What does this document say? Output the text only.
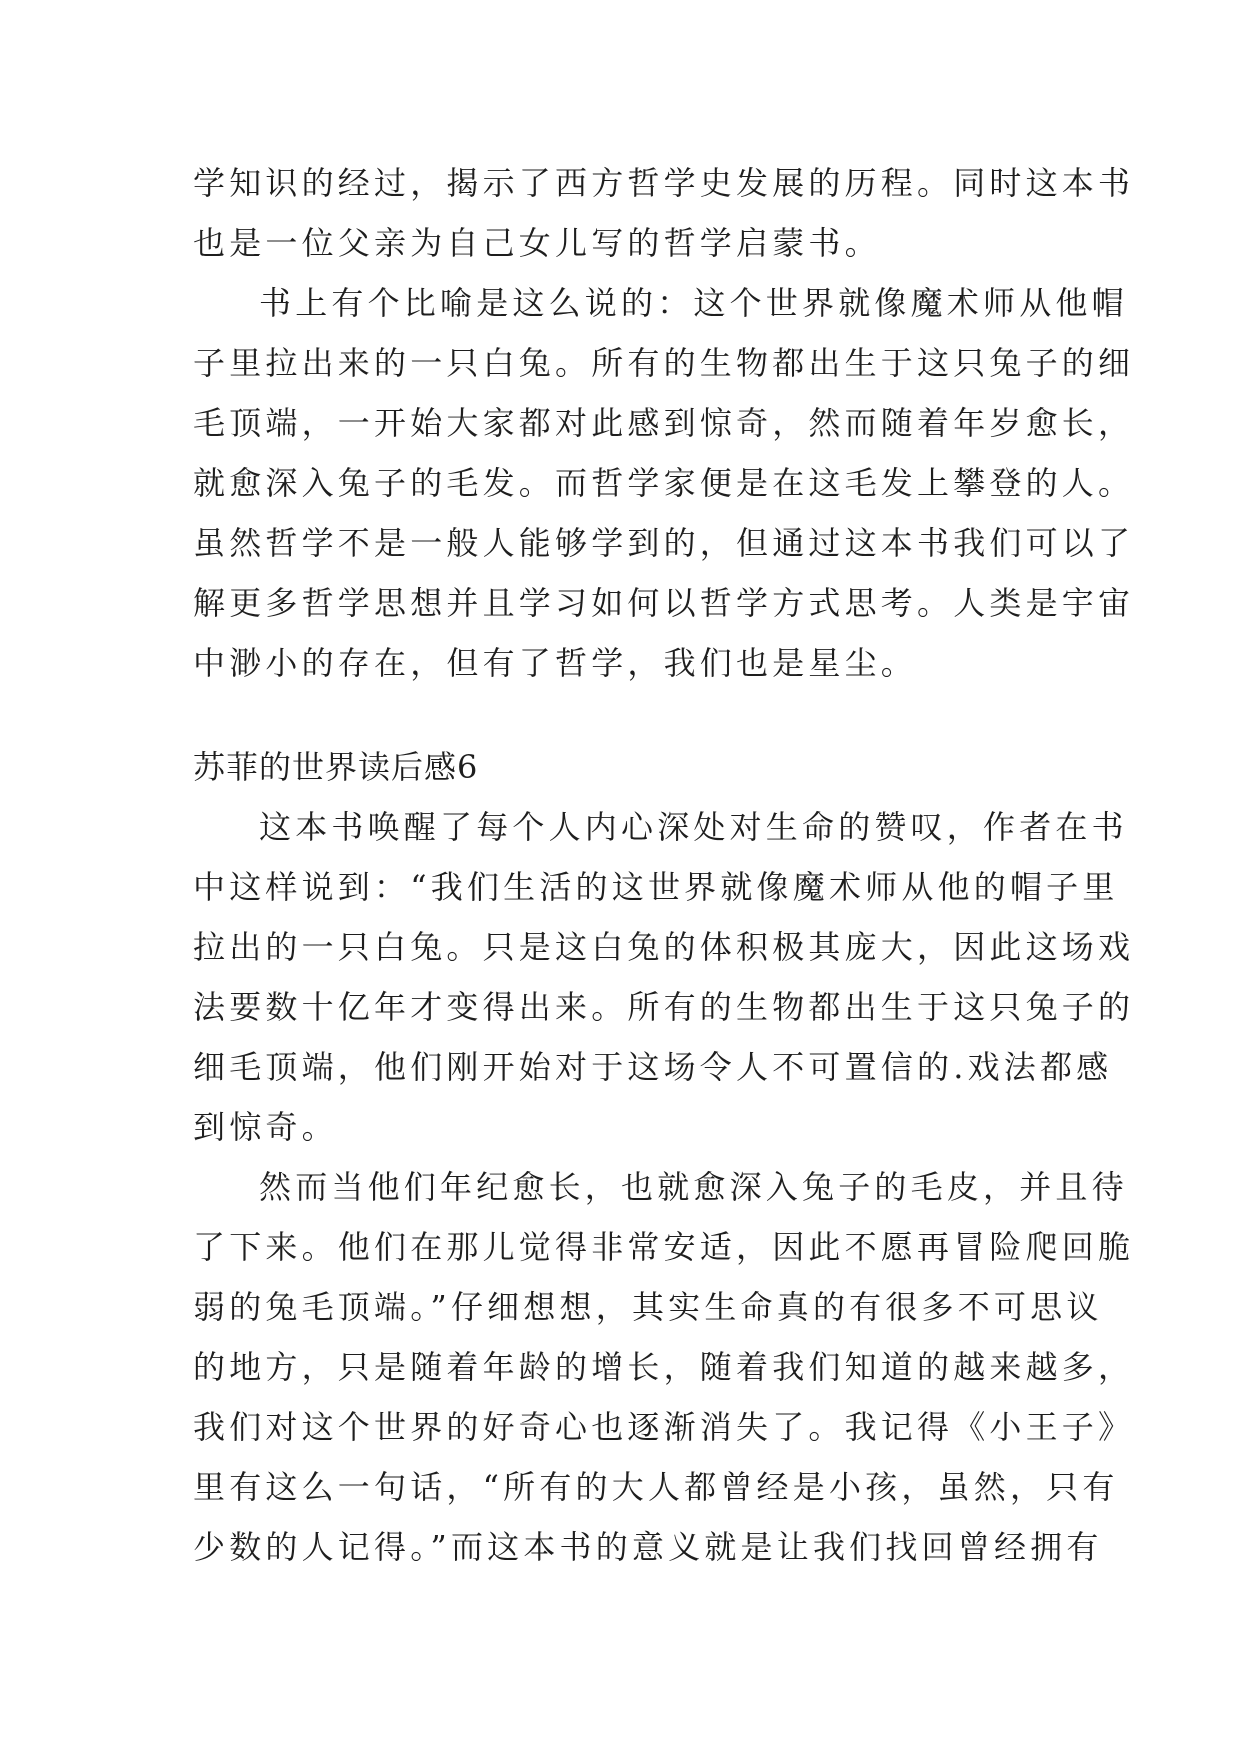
学知识的经过，揭示了西方哲学史发展的历程。同时这本书

也是一位父亲为自己女儿写的哲学启蒙书。

书上有个比喻是这么说的：这个世界就像魔术师从他帽

子里拉出来的一只白兔。所有的生物都出生于这只兔子的细

毛顶端，一开始大家都对此感到惊奇，然而随着年岁愈长，

就愈深入兔子的毛发。而哲学家便是在这毛发上攀登的人。

虽然哲学不是一般人能够学到的，但通过这本书我们可以了

解更多哲学思想并且学习如何以哲学方式思考。人类是宇宙

中渺小的存在，但有了哲学，我们也是星尘。

苏菲的世界读后感6

这本书唤醒了每个人内心深处对生命的赞叹，作者在书

中这样说到：“我们生活的这世界就像魔术师从他的帽子里

拉出的一只白兔。只是这白兔的体积极其庞大，因此这场戏

法要数十亿年才变得出来。所有的生物都出生于这只兔子的

细毛顶端，他们刚开始对于这场令人不可置信的.戏法都感

到惊奇。

然而当他们年纪愈长，也就愈深入兔子的毛皮，并且待

了下来。他们在那儿觉得非常安适，因此不愿再冒险爬回脆

弱的兔毛顶端。”仔细想想，其实生命真的有很多不可思议

的地方，只是随着年龄的增长，随着我们知道的越来越多，

我们对这个世界的好奇心也逐渐消失了。我记得《小王子》

里有这么一句话，“所有的大人都曾经是小孩，虽然，只有

少数的人记得。”而这本书的意义就是让我们找回曾经拥有
